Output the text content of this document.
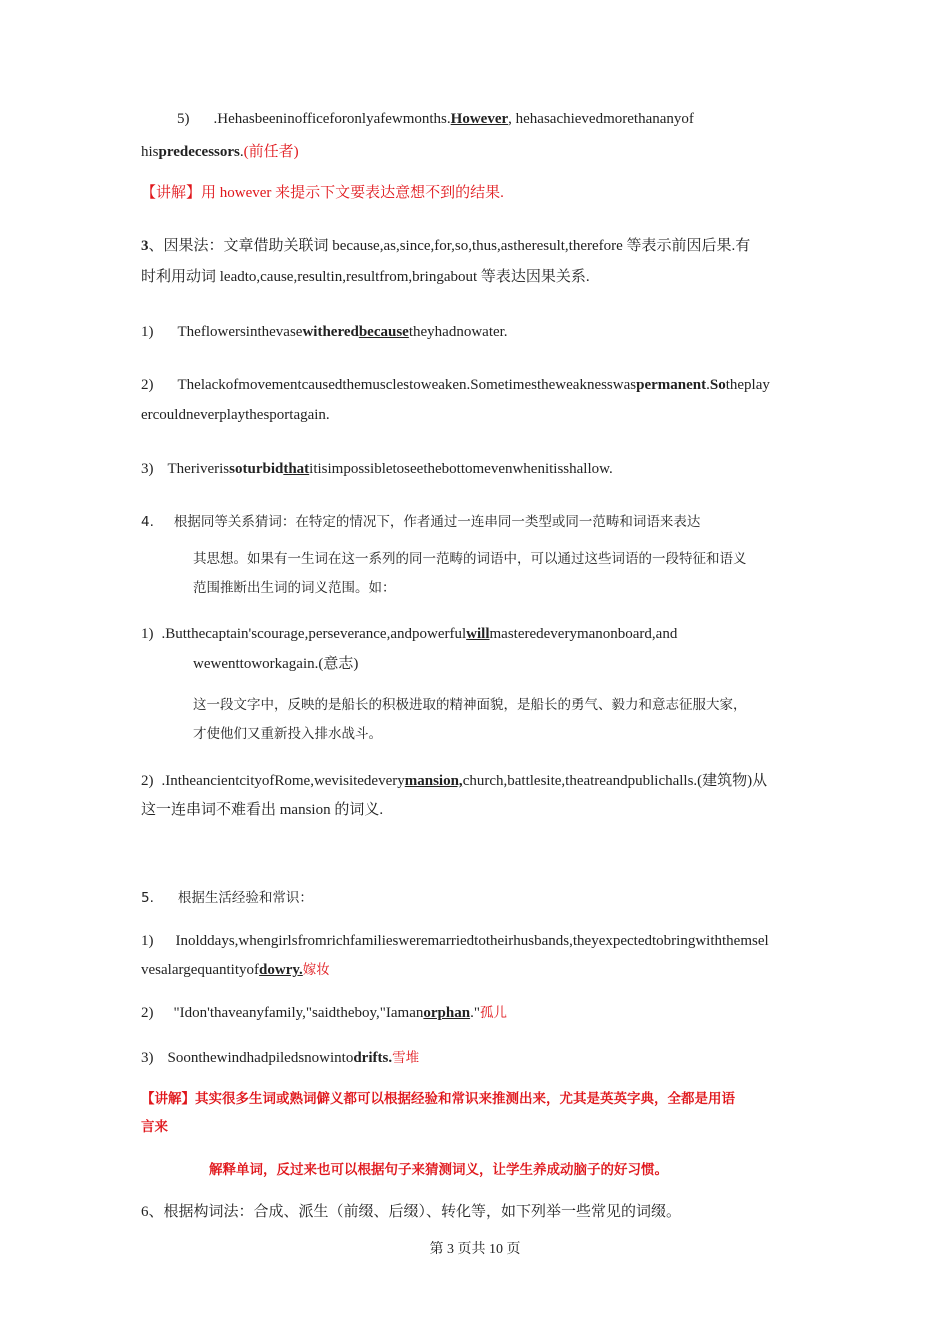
5) .Hehasbeeninofficeforonlyafewmonths.However, hehasachievedmorethananyof
hispredecessors.(前任者)
【讲解】用 however 来提示下文要表达意想不到的结果.
3、因果法：文章借助关联词 because,as,since,for,so,thus,astheresult,therefore 等表示前因后果.有
时利用动词 leadto,cause,resultin,resultfrom,bringabout 等表达因果关系.
1) Theflowersinthevasewitheredbecausetheyhadnowater.
2) Thelackofmovementcausedthemusclestoweaken.Sometimestheweaknesswaspermanent.Sotheplay
ercouldneverplaythesportagain.
3) Theriverissoturbidthatitisimpossibletoseethebottomevenwhenitisshallow.
4. 根据同等关系猜词：在特定的情况下，作者通过一连串同一类型或同一范畴和词语来表达
其思想。如果有一生词在这一系列的同一范畴的词语中，可以通过这些词语的一段特征和语义
范围推断出生词的词义范围。如：
1) .Butthecaptain'scourage,perseverance,andpowerfulwillmasteredeverymanonboard,and
wewenttoworkagain.(意志)
这一段文字中，反映的是船长的积极进取的精神面貌，是船长的勇气、毅力和意志征服大家，
才使他们又重新投入排水战斗。
2) .IntheancientcityofRome,wevisitedeverymansion,church,battlesite,theatreandpublichalls.(建筑物)从
这一连串词不难看出 mansion 的词义.
5. 根据生活经验和常识：
1) Inolddays,whengirlsfromrichfamiliesweremarriedtotheirhusbands,theyexpectedtobringwiththemsel
vesalargequantityofdowry.嫁妆
2) "Idon'thaveanyfamily,"saidtheboy,"Iamanorphan."孤儿
3) Soonthewindhadpiledsnowintodrifts.雪堆
【讲解】其实很多生词或熟词僻义都可以根据经验和常识来推测出来，尤其是英英字典，全都是用语
言来
解释单词，反过来也可以根据句子来猜测词义，让学生养成动脑子的好习惯。
6、根据构词法：合成、派生（前缀、后缀）、转化等，如下列举一些常见的词缀。
第 3 页共 10 页
